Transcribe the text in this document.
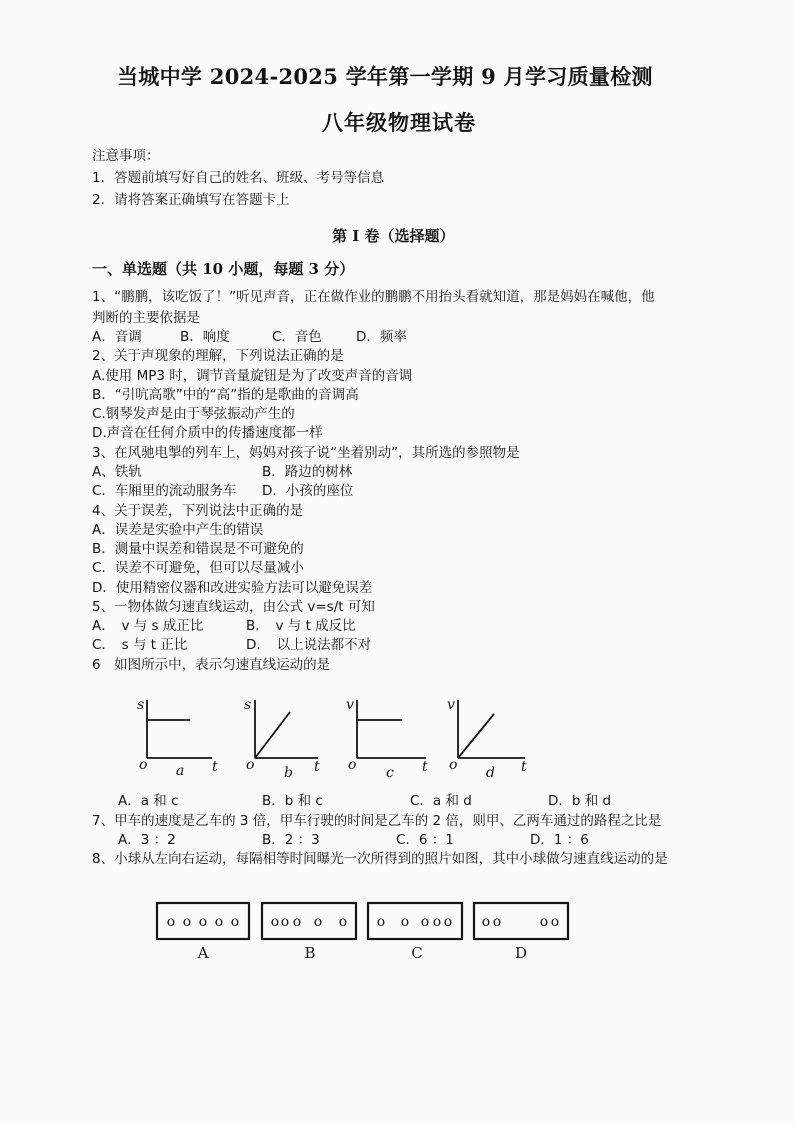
当城中学 2024-2025 学年第一学期 9 月学习质量检测
八年级物理试卷
注意事项：
1．答题前填写好自己的姓名、班级、考号等信息
2．请将答案正确填写在答题卡上
第 I 卷（选择题）
一、单选题（共 10 小题，每题 3 分）
1、“鹏鹏，该吃饭了！”听见声音，正在做作业的鹏鹏不用抬头看就知道，那是妈妈在喊他，他
判断的主要依据是
A．音调	B．响度	C．音色	D．频率
2、关于声现象的理解，下列说法正确的是
A.使用 MP3 时，调节音量旋钮是为了改变声音的音调
B．“引吭高歌”中的“高”指的是歌曲的音调高
C.钢琴发声是由于琴弦振动产生的
D.声音在任何介质中的传播速度都一样
3、在风驰电掣的列车上，妈妈对孩子说“坐着别动”，其所选的参照物是
A、铁轨	B．路边的树林
C．车厢里的流动服务车 D．小孩的座位
4、关于误差，下列说法中正确的是
A．误差是实验中产生的错误
B．测量中误差和错误是不可避免的
C．误差不可避免，但可以尽量减小
D．使用精密仪器和改进实验方法可以避免误差
5、一物体做匀速直线运动，由公式 v=s/t 可知
A．　v 与 s 成正比	B．　v 与 t 成反比
C．　s 与 t 正比	D．　以上说法都不对
6　如图所示中，表示匀速直线运动的是
s
t
o a
s
t
o b
v
t
o c
v
t
o d
A．a 和 c	B．b 和 c	C．a 和 d	D．b 和 d
7、甲车的速度是乙车的 3 倍，甲车行驶的时间是乙车的 2 倍，则甲、乙两车通过的路程之比是
A．3 ：2	B．2 ：3	C．6 ：1	D．1 ：6
8、小球从左向右运动，每隔相等时间曝光一次所得到的照片如图，其中小球做匀速直线运动的是
o o o o o o o o o o o o o o o o o	o o
A	B	C	D
